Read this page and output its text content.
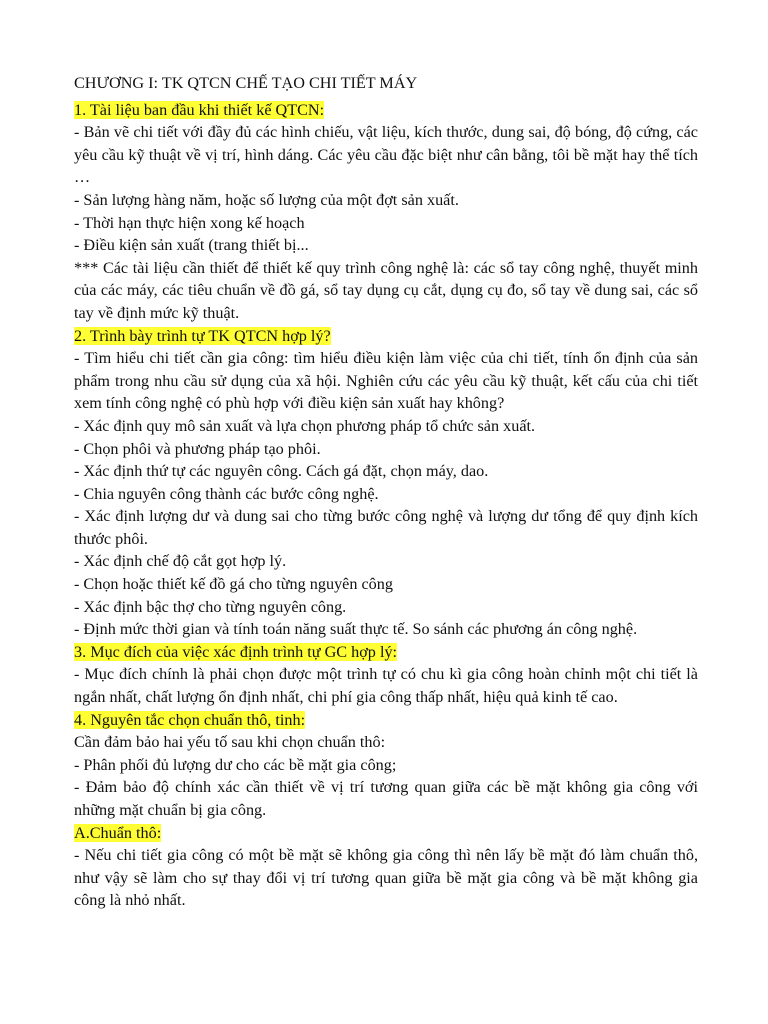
CHƯƠNG I: TK QTCN CHẾ TẠO CHI TIẾT MÁY
1. Tài liệu ban đầu khi thiết kế QTCN:

- Bản vẽ chi tiết với đầy đủ các hình chiếu, vật liệu, kích thước, dung sai, độ bóng, độ cứng, các yêu cầu kỹ thuật về vị trí, hình dáng. Các yêu cầu đặc biệt như cân bằng, tôi bề mặt hay thể tích …

- Sản lượng hàng năm, hoặc số lượng của một đợt sản xuất.

- Thời hạn thực hiện xong kế hoạch

- Điều kiện sản xuất (trang thiết bị...

*** Các tài liệu cần thiết để thiết kế quy trình công nghệ là: các sổ tay công nghệ, thuyết minh của các máy, các tiêu chuẩn về đồ gá, sổ tay dụng cụ cắt, dụng cụ đo, sổ tay về dung sai, các sổ tay về định mức kỹ thuật.

2. Trình bày trình tự TK QTCN hợp lý?

- Tìm hiểu chi tiết cần gia công: tìm hiểu điều kiện làm việc của chi tiết, tính ổn định của sản phẩm trong nhu cầu sử dụng của xã hội. Nghiên cứu các yêu cầu kỹ thuật, kết cấu của chi tiết xem tính công nghệ có phù hợp với điều kiện sản xuất hay không?

- Xác định quy mô sản xuất và lựa chọn phương pháp tổ chức sản xuất.

- Chọn phôi và phương pháp tạo phôi.

- Xác định thứ tự các nguyên công. Cách gá đặt, chọn máy, dao.

- Chia nguyên công thành các bước công nghệ.

- Xác định lượng dư và dung sai cho từng bước công nghệ và lượng dư tổng để quy định kích thước phôi.

- Xác định chế độ cắt gọt hợp lý.

- Chọn hoặc thiết kế đồ gá cho từng nguyên công

- Xác định bậc thợ cho từng nguyên công.

- Định mức thời gian và tính toán năng suất thực tế. So sánh các phương án công nghệ.

3. Mục đích của việc xác định trình tự GC hợp lý:

- Mục đích chính là phải chọn được một trình tự có chu kì gia công hoàn chỉnh một chi tiết là ngắn nhất, chất lượng ổn định nhất, chi phí gia công thấp nhất, hiệu quả kinh tế cao.

4. Nguyên tắc chọn chuẩn thô, tinh:

Cần đảm bảo hai yếu tố sau khi chọn chuẩn thô:

- Phân phối đủ lượng dư cho các bề mặt gia công;

- Đảm bảo độ chính xác cần thiết về vị trí tương quan giữa các bề mặt không gia công với những mặt chuẩn bị gia công.

A.Chuẩn thô:

- Nếu chi tiết gia công có một bề mặt sẽ không gia công thì nên lấy bề mặt đó làm chuẩn thô, như vậy sẽ làm cho sự thay đổi vị trí tương quan giữa bề mặt gia công và bề mặt không gia công là nhỏ nhất.
